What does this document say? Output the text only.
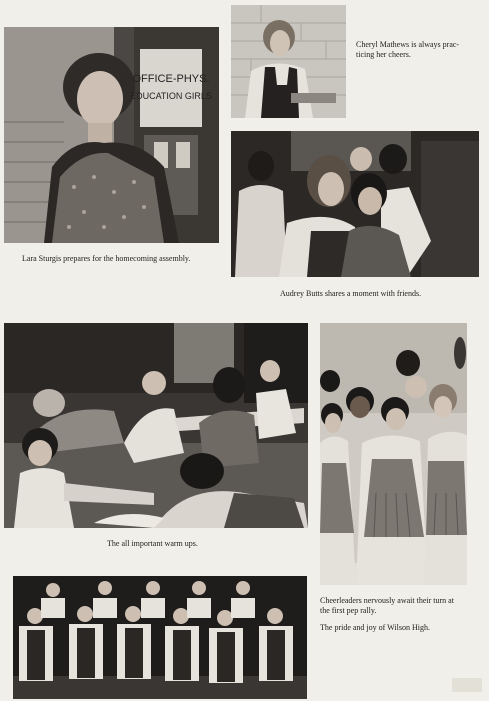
OFFICE-PHYS.
EDUCATION GIRLS
Cheryl Mathews is always prac-
ticing her cheers.
Lara Sturgis prepares for the homecoming assembly.
Audrey Butts shares a moment with friends.
The all important warm ups.
Cheerleaders nervously await their turn at
the first pep rally.
The pride and joy of Wilson High.
